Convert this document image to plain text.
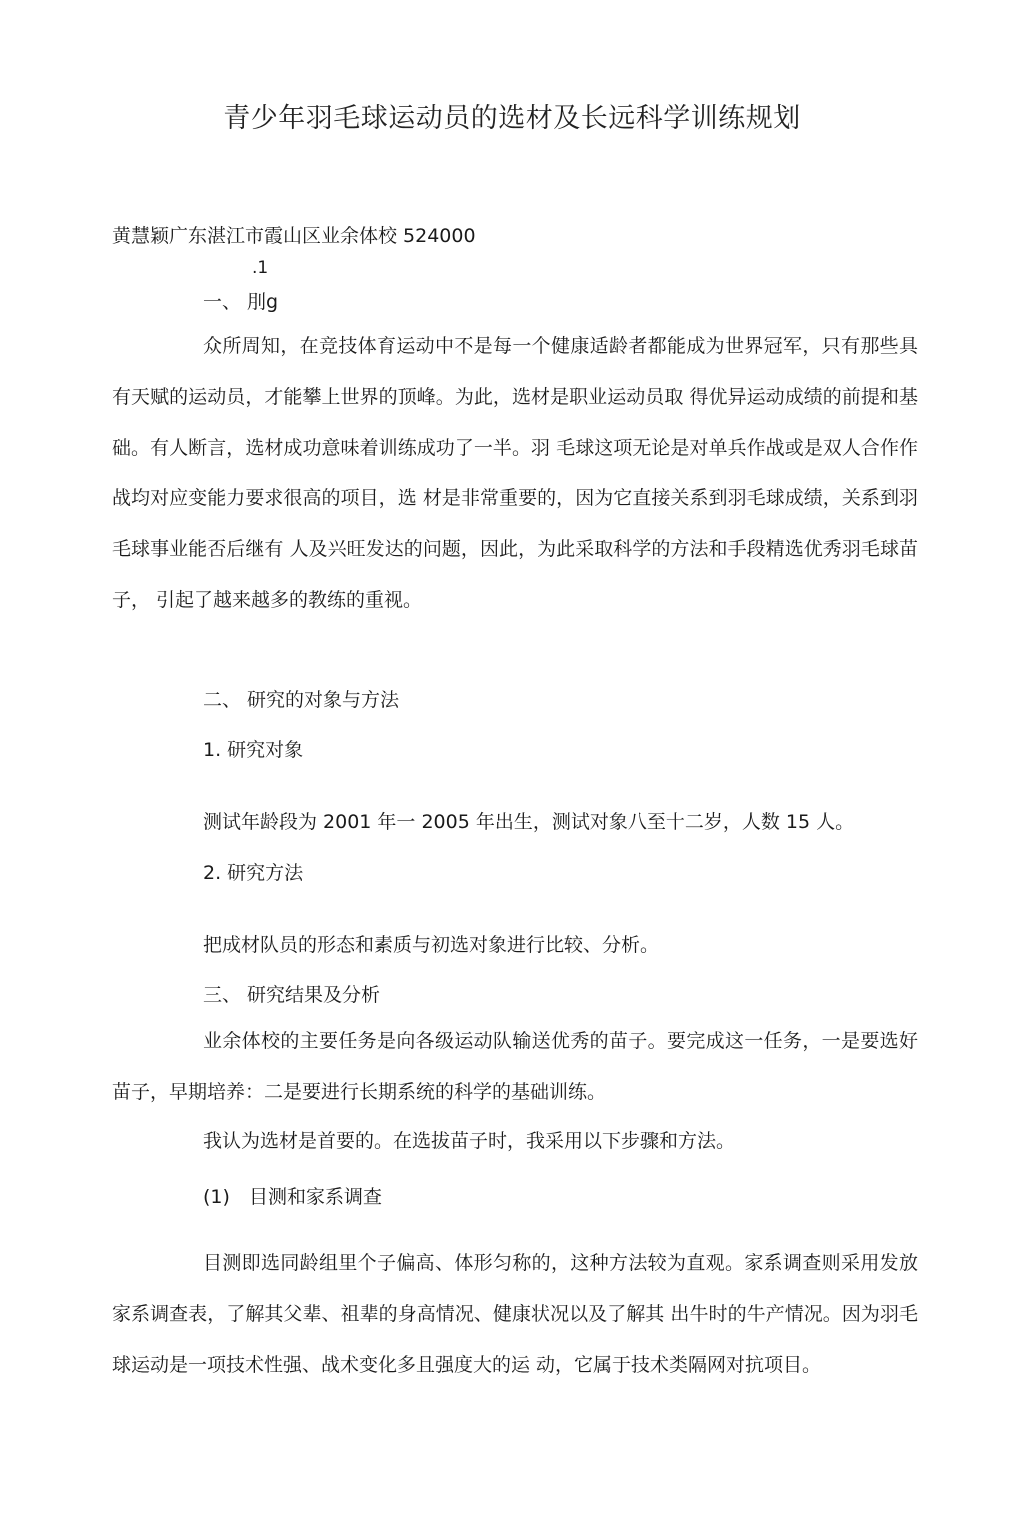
青少年羽毛球运动员的选材及长远科学训练规划
黄慧颖广东湛江市霞山区业余体校 524000
.1
一、 刖g

众所周知，在竞技体育运动中不是每一个健康适龄者都能成为世界冠军，只有那些具有天赋的运动员，才能攀上世界的顶峰。为此，选材是职业运动员取 得优异运动成绩的前提和基础。有人断言，选材成功意味着训练成功了一半。羽 毛球这项无论是对单兵作战或是双人合作作战均对应变能力要求很高的项目，选 材是非常重要的，因为它直接关系到羽毛球成绩，关系到羽毛球事业能否后继有 人及兴旺发达的问题，因此，为此采取科学的方法和手段精选优秀羽毛球苗子， 引起了越来越多的教练的重视。

二、 研究的对象与方法
1. 研究对象
测试年龄段为 2001 年一 2005 年出生，测试对象八至十二岁，人数 15 人。
2. 研究方法
把成材队员的形态和素质与初选对象进行比较、分析。
三、 研究结果及分析

业余体校的主要任务是向各级运动队输送优秀的苗子。要完成这一任务，一是要选好苗子，早期培养：二是要进行长期系统的科学的基础训练。

我认为选材是首要的。在选拔苗子时，我采用以下步骤和方法。

(1) 目测和家系调查

目测即选同龄组里个子偏高、体形匀称的，这种方法较为直观。家系调查则采用发放家系调查表，了解其父辈、祖辈的身高情况、健康状况以及了解其 出牛时的牛产情况。因为羽毛球运动是一项技术性强、战术变化多且强度大的运 动，它属于技术类隔网对抗项目。
